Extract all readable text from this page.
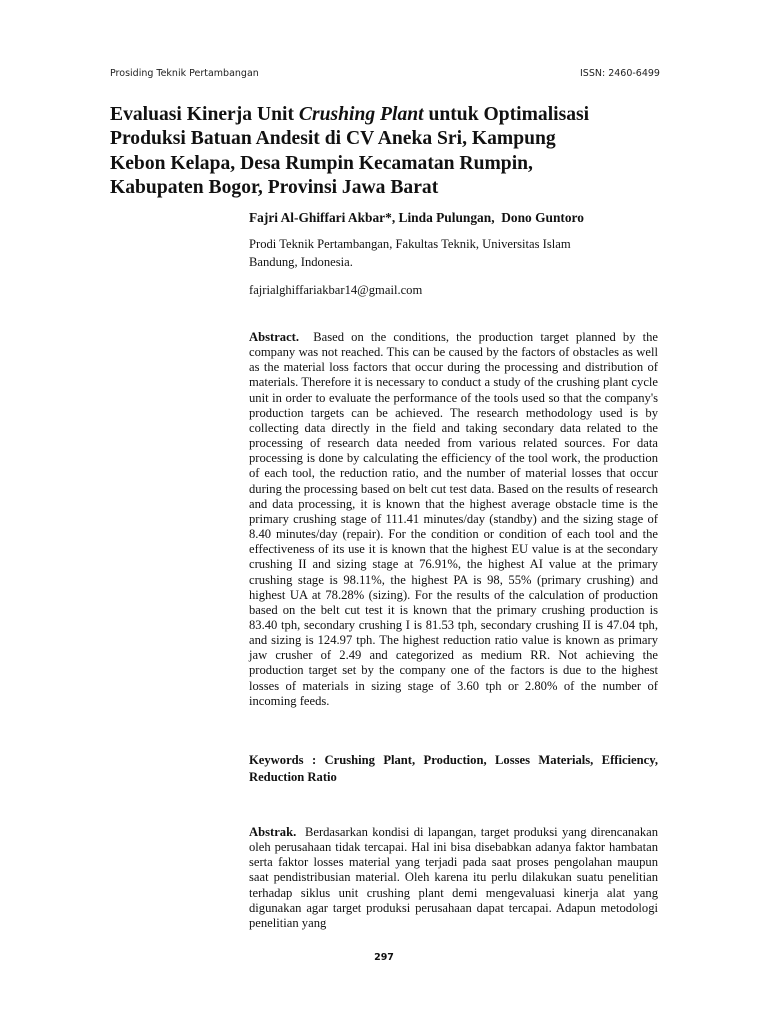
Prosiding Teknik Pertambangan	ISSN: 2460-6499
Evaluasi Kinerja Unit Crushing Plant untuk Optimalisasi
Produksi Batuan Andesit di CV Aneka Sri, Kampung
Kebon Kelapa, Desa Rumpin Kecamatan Rumpin,
Kabupaten Bogor, Provinsi Jawa Barat
Fajri Al-Ghiffari Akbar*, Linda Pulungan,  Dono Guntoro
Prodi Teknik Pertambangan, Fakultas Teknik, Universitas Islam
Bandung, Indonesia.
fajrialghiffariakbar14@gmail.com

Abstract. Based on the conditions, the production target planned by the company was not reached. This can be caused by the factors of obstacles as well as the material loss factors that occur during the processing and distribution of materials. Therefore it is necessary to conduct a study of the crushing plant cycle unit in order to evaluate the performance of the tools used so that the company's production targets can be achieved. The research methodology used is by collecting data directly in the field and taking secondary data related to the processing of research data needed from various related sources. For data processing is done by calculating the efficiency of the tool work, the production of each tool, the reduction ratio, and the number of material losses that occur during the processing based on belt cut test data. Based on the results of research and data processing, it is known that the highest average obstacle time is the primary crushing stage of 111.41 minutes/day (standby) and the sizing stage of 8.40 minutes/day (repair). For the condition or condition of each tool and the effectiveness of its use it is known that the highest EU value is at the secondary crushing II and sizing stage at 76.91%, the highest AI value at the primary crushing stage is 98.11%, the highest PA is 98, 55% (primary crushing) and highest UA at 78.28% (sizing). For the results of the calculation of production based on the belt cut test it is known that the primary crushing production is 83.40 tph, secondary crushing I is 81.53 tph, secondary crushing II is 47.04 tph, and sizing is 124.97 tph. The highest reduction ratio value is known as primary jaw crusher of 2.49 and categorized as medium RR. Not achieving the production target set by the company one of the factors is due to the highest losses of materials in sizing stage of 3.60 tph or 2.80% of the number of incoming feeds.

Keywords : Crushing Plant, Production, Losses Materials, Efficiency, Reduction Ratio

Abstrak. Berdasarkan kondisi di lapangan, target produksi yang direncanakan oleh perusahaan tidak tercapai. Hal ini bisa disebabkan adanya faktor hambatan serta faktor losses material yang terjadi pada saat proses pengolahan maupun saat pendistribusian material. Oleh karena itu perlu dilakukan suatu penelitian terhadap siklus unit crushing plant demi mengevaluasi kinerja alat yang digunakan agar target produksi perusahaan dapat tercapai. Adapun metodologi penelitian yang

297
